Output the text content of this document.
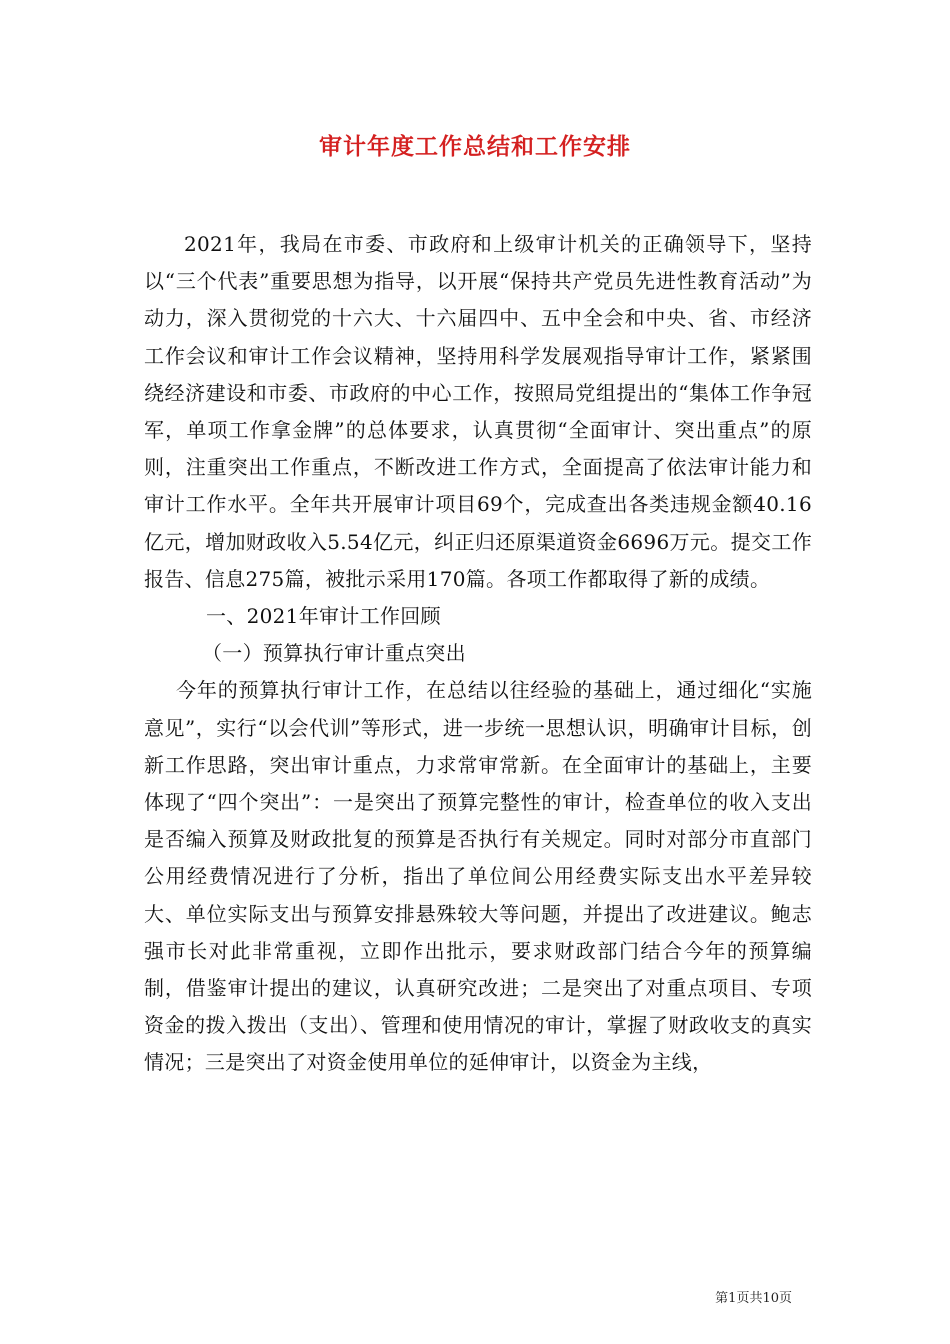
审计年度工作总结和工作安排

2021年，我局在市委、市政府和上级审计机关的正确领导下，坚持以“三个代表”重要思想为指导，以开展“保持共产党员先进性教育活动”为动力，深入贯彻党的十六大、十六届四中、五中全会和中央、省、市经济工作会议和审计工作会议精神，坚持用科学发展观指导审计工作，紧紧围绕经济建设和市委、市政府的中心工作，按照局党组提出的“集体工作争冠军，单项工作拿金牌”的总体要求，认真贯彻“全面审计、突出重点”的原则，注重突出工作重点，不断改进工作方式，全面提高了依法审计能力和审计工作水平。全年共开展审计项目69个，完成查出各类违规金额40.16亿元，增加财政收入5.54亿元，纠正归还原渠道资金6696万元。提交工作报告、信息275篇，被批示采用170篇。各项工作都取得了新的成绩。

一、2021年审计工作回顾

（一）预算执行审计重点突出

今年的预算执行审计工作，在总结以往经验的基础上，通过细化“实施意见”，实行“以会代训”等形式，进一步统一思想认识，明确审计目标，创新工作思路，突出审计重点，力求常审常新。在全面审计的基础上，主要体现了“四个突出”：一是突出了预算完整性的审计，检查单位的收入支出是否编入预算及财政批复的预算是否执行有关规定。同时对部分市直部门公用经费情况进行了分析，指出了单位间公用经费实际支出水平差异较大、单位实际支出与预算安排悬殊较大等问题，并提出了改进建议。鲍志强市长对此非常重视，立即作出批示，要求财政部门结合今年的预算编制，借鉴审计提出的建议，认真研究改进；二是突出了对重点项目、专项资金的拨入拨出（支出）、管理和使用情况的审计，掌握了财政收支的真实情况；三是突出了对资金使用单位的延伸审计，以资金为主线，

第1页共10页
